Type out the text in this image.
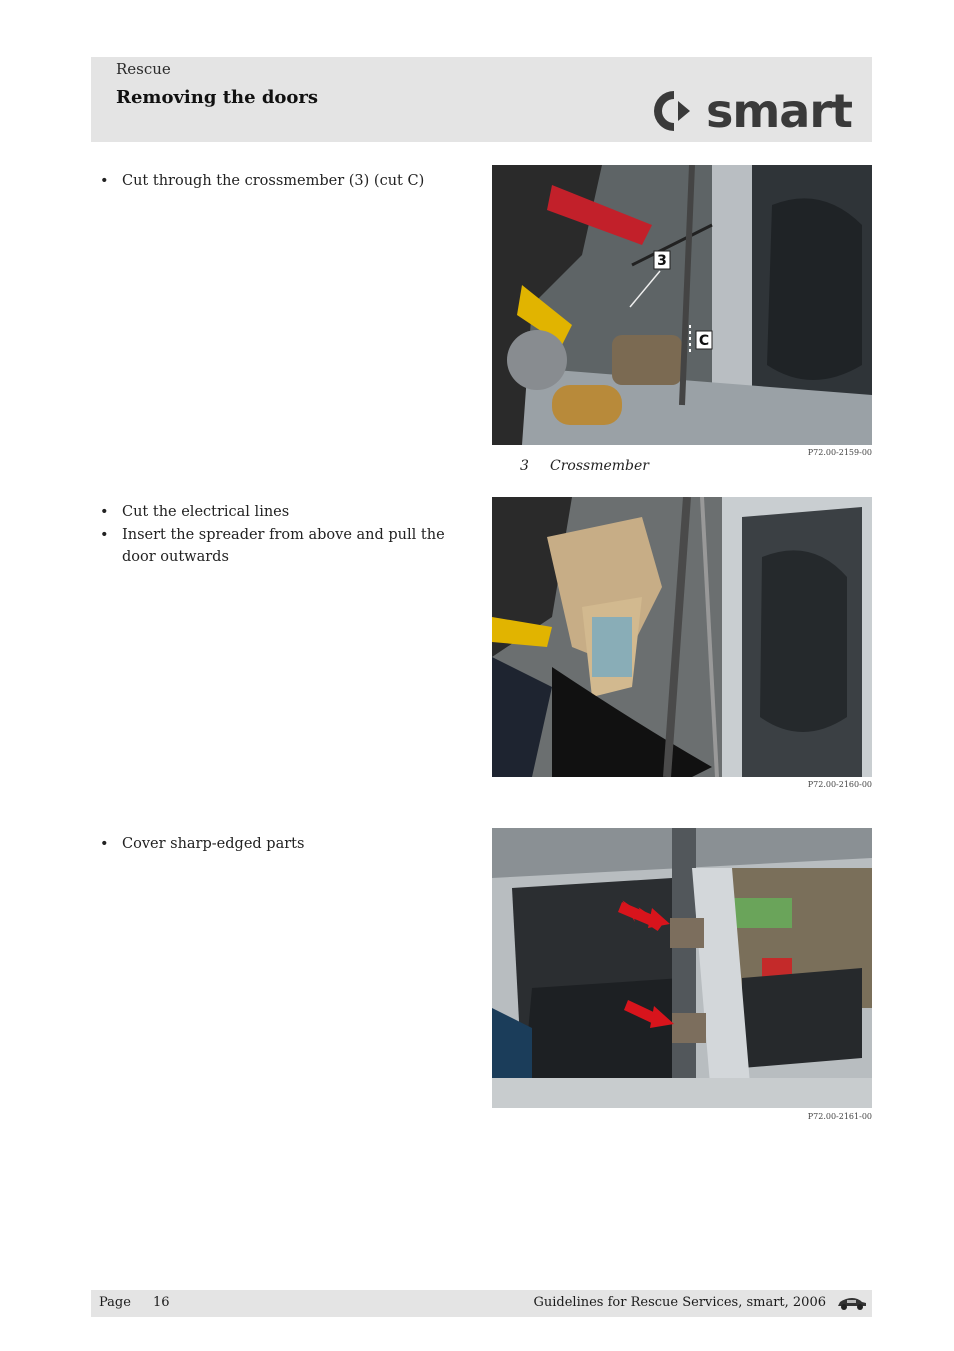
Rescue
Removing the doors	smart
• Cut through the crossmember (3) (cut C)
3
C
P72.00-2159-00
3 Crossmember
• Cut the electrical lines
• Insert the spreader from above and pull the door outwards
P72.00-2160-00
• Cover sharp-edged parts
P72.00-2161-00
Page 16	Guidelines for Rescue Services, smart, 2006
